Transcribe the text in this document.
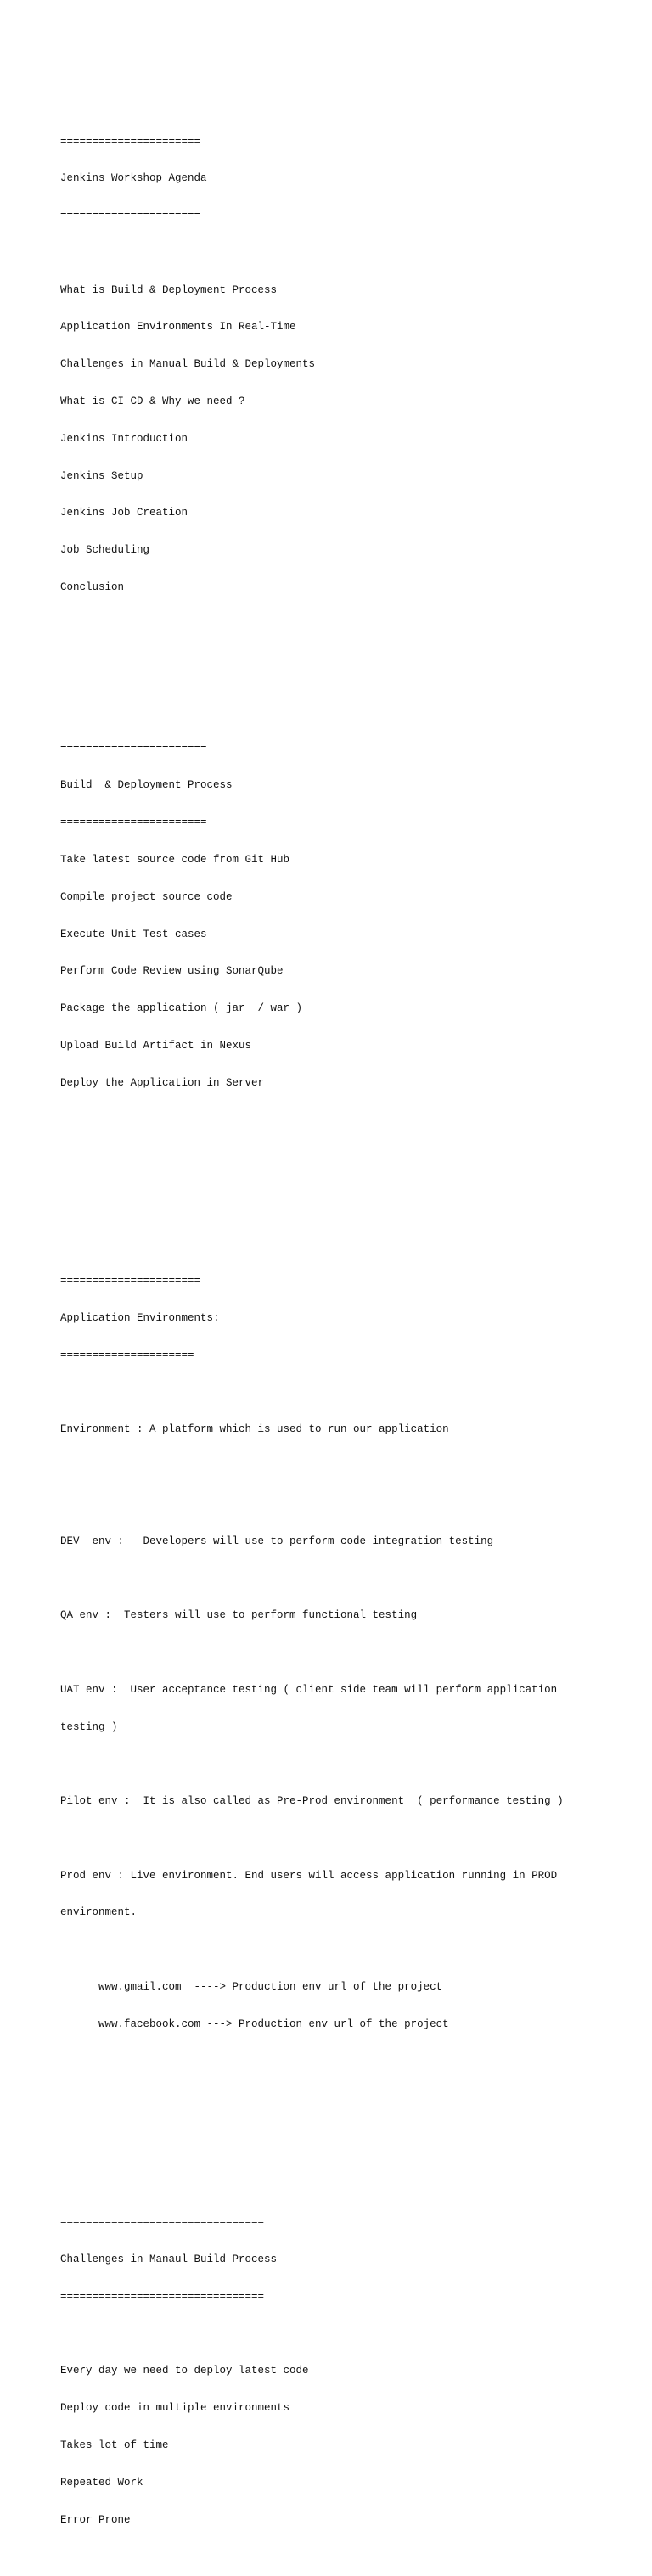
======================

Jenkins Workshop Agenda

======================

What is Build & Deployment Process

Application Environments In Real-Time

Challenges in Manual Build & Deployments

What is CI CD & Why we need ?

Jenkins Introduction

Jenkins Setup

Jenkins Job Creation

Job Scheduling

Conclusion

=======================

Build  & Deployment Process

=======================

Take latest source code from Git Hub

Compile project source code

Execute Unit Test cases

Perform Code Review using SonarQube

Package the application ( jar  / war )

Upload Build Artifact in Nexus

Deploy the Application in Server

======================

Application Environments:

=====================

Environment : A platform which is used to run our application

DEV  env :   Developers will use to perform code integration testing

QA env :  Testers will use to perform functional testing

UAT env :  User acceptance testing ( client side team will perform application

testing )

Pilot env :  It is also called as Pre-Prod environment  ( performance testing )

Prod env : Live environment. End users will access application running in PROD

environment.

www.gmail.com  ----> Production env url of the project

www.facebook.com ---> Production env url of the project

================================

Challenges in Manaul Build Process

================================

Every day we need to deploy latest code

Deploy code in multiple environments

Takes lot of time

Repeated Work

Error Prone
